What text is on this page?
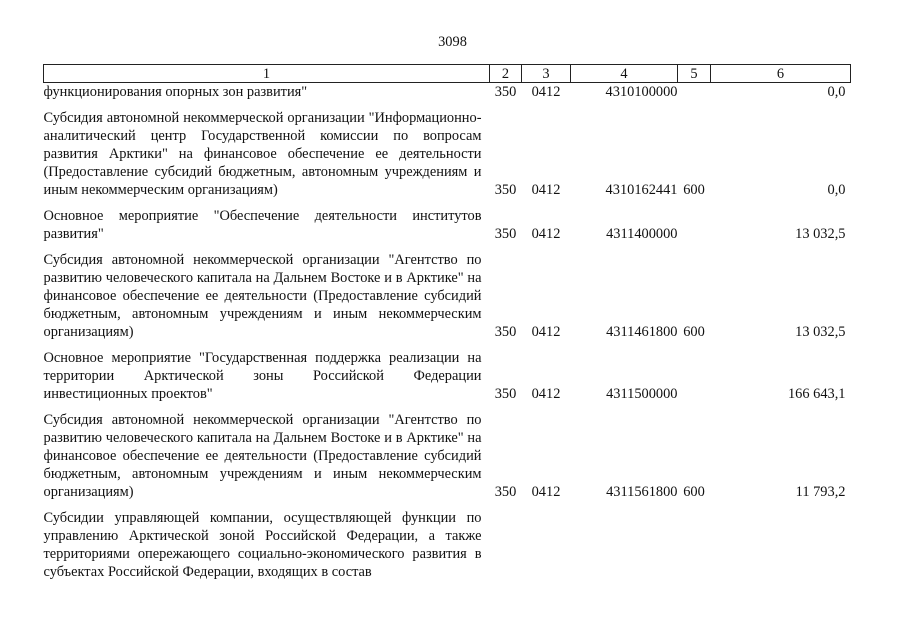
3098
1	2	3	4	5	6
функционирования опорных зон развития"	350	0412	4310100000		0,0
Субсидия автономной некоммерческой организации "Информационно-аналитический центр Государственной комиссии по вопросам развития Арктики" на финансовое обеспечение ее деятельности (Предоставление субсидий бюджетным, автономным учреждениям и иным некоммерческим организациям)	350	0412	4310162441	600	0,0
Основное мероприятие "Обеспечение деятельности институтов развития"	350	0412	4311400000		13 032,5
Субсидия автономной некоммерческой организации "Агентство по развитию человеческого капитала на Дальнем Востоке и в Арктике" на финансовое обеспечение ее деятельности (Предоставление субсидий бюджетным, автономным учреждениям и иным некоммерческим организациям)	350	0412	4311461800	600	13 032,5
Основное мероприятие "Государственная поддержка реализации на территории Арктической зоны Российской Федерации инвестиционных проектов"	350	0412	4311500000		166 643,1
Субсидия автономной некоммерческой организации "Агентство по развитию человеческого капитала на Дальнем Востоке и в Арктике" на финансовое обеспечение ее деятельности (Предоставление субсидий бюджетным, автономным учреждениям и иным некоммерческим организациям)	350	0412	4311561800	600	11 793,2
Субсидии управляющей компании, осуществляющей функции по управлению Арктической зоной Российской Федерации, а также территориями опережающего социально-экономического развития в субъектах Российской Федерации, входящих в состав					
